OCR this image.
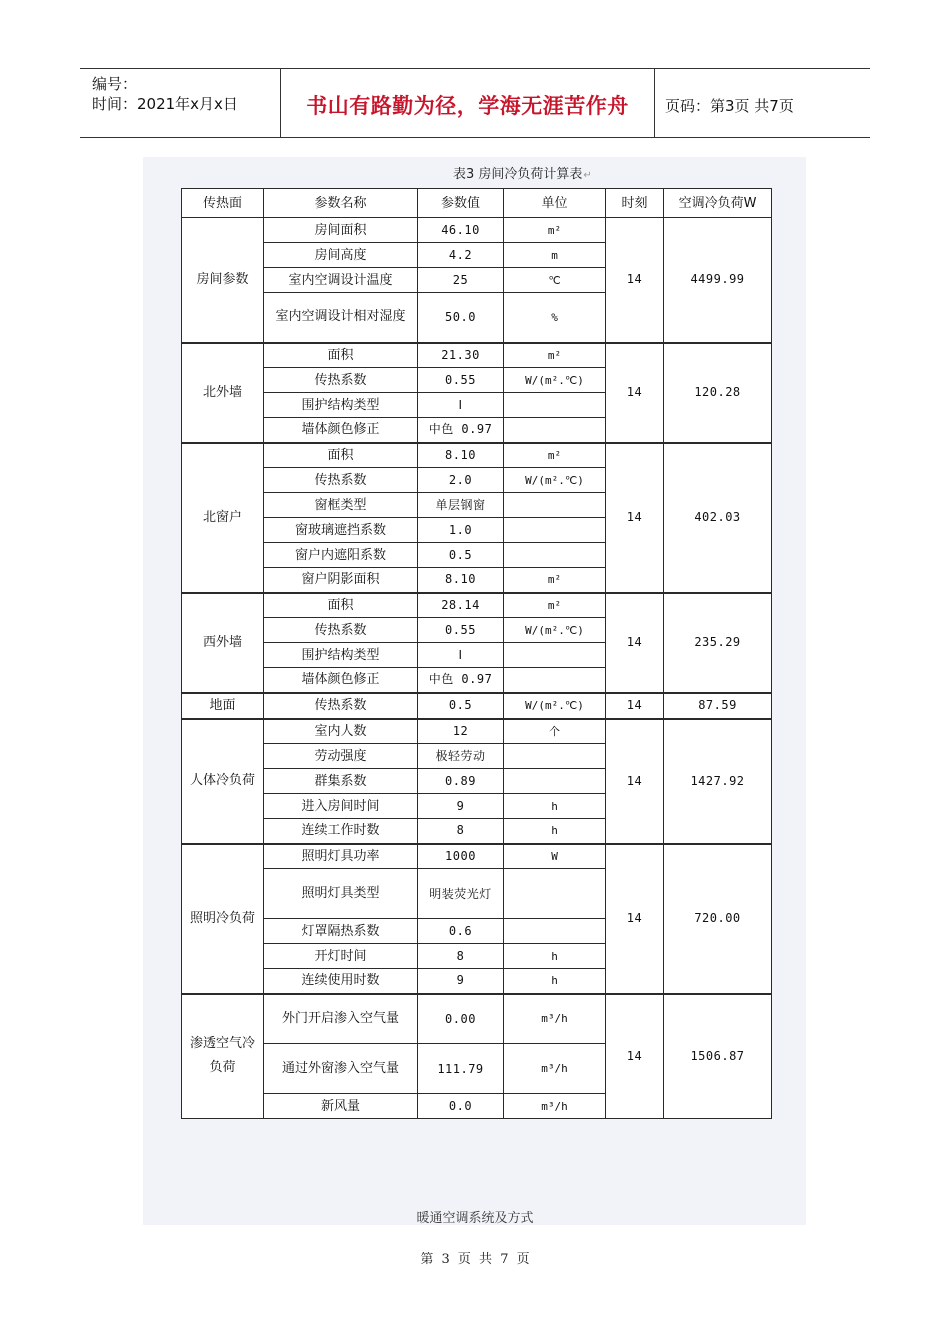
编号：
时间：2021年x月x日	书山有路勤为径，学海无涯苦作舟	页码：第3页 共7页
表3 房间冷负荷计算表↵
传热面	参数名称	参数值	单位	时刻	空调冷负荷W
房间参数	房间面积	46.10	m²	14	4499.99
	房间高度	4.2	m		
	室内空调设计温度	25	℃		
	室内空调设计相对湿度	50.0	%		
北外墙	面积	21.30	m²	14	120.28
	传热系数	0.55	W/(m².℃)		
	围护结构类型	Ⅰ			
	墙体颜色修正	中色 0.97			
北窗户	面积	8.10	m²	14	402.03
	传热系数	2.0	W/(m².℃)		
	窗框类型	单层钢窗			
	窗玻璃遮挡系数	1.0			
	窗户内遮阳系数	0.5			
	窗户阴影面积	8.10	m²		
西外墙	面积	28.14	m²	14	235.29
	传热系数	0.55	W/(m².℃)		
	围护结构类型	Ⅰ			
	墙体颜色修正	中色 0.97			
地面	传热系数	0.5	W/(m².℃)	14	87.59
人体冷负荷	室内人数	12	个	14	1427.92
	劳动强度	极轻劳动			
	群集系数	0.89			
	进入房间时间	9	h		
	连续工作时数	8	h		
照明冷负荷	照明灯具功率	1000	W	14	720.00
	照明灯具类型	明装荧光灯			
	灯罩隔热系数	0.6			
	开灯时间	8	h		
	连续使用时数	9	h		
渗透空气冷负荷	外门开启渗入空气量	0.00	m³/h	14	1506.87
	通过外窗渗入空气量	111.79	m³/h		
	新风量	0.0	m³/h		
暖通空调系统及方式
第 3 页 共 7 页
